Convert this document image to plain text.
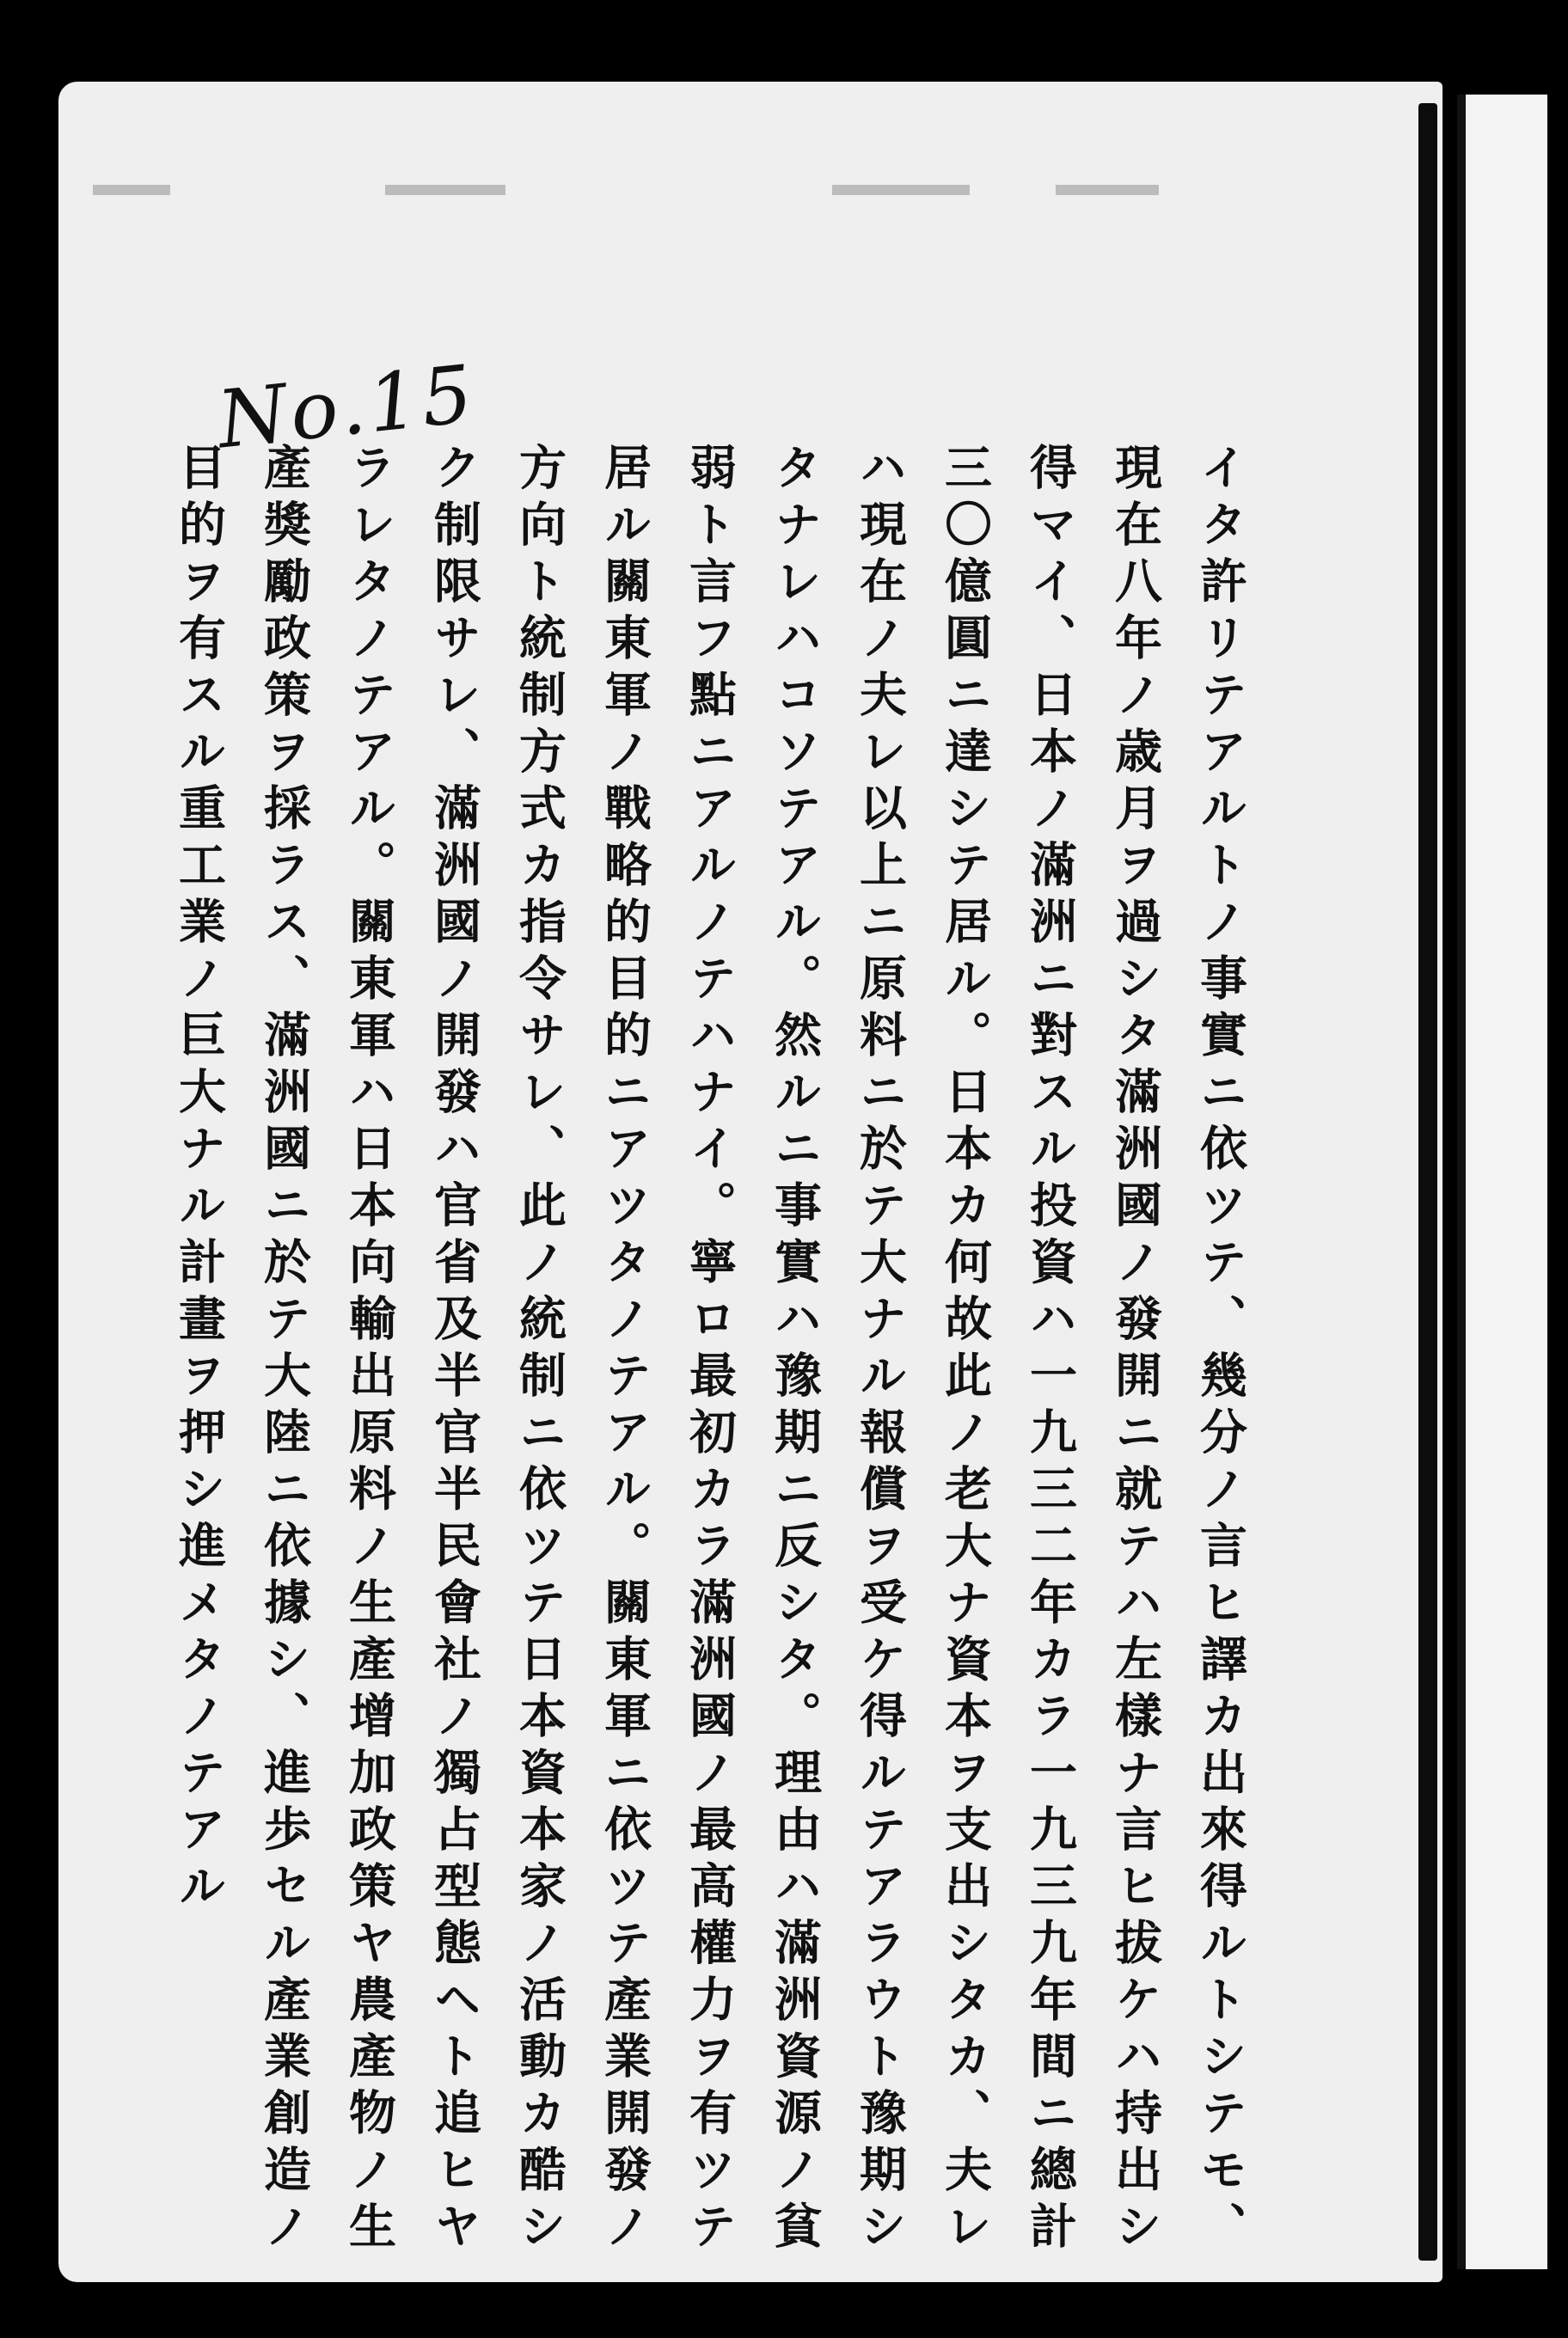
No.15
イタ許リテアルトノ事實ニ依ツテ、幾分ノ言ヒ譯カ出來得ルトシテモ、
現在八年ノ歳月ヲ過シタ滿洲國ノ發開ニ就テハ左樣ナ言ヒ拔ケハ持出シ
得マイ、日本ノ滿洲ニ對スル投資ハ一九三二年カラ一九三九年間ニ總計
三〇億圓ニ達シテ居ル。日本カ何故此ノ老大ナ資本ヲ支出シタカ、夫レ
ハ現在ノ夫レ以上ニ原料ニ於テ大ナル報償ヲ受ケ得ルテアラウト豫期シ
タナレハコソテアル。然ルニ事實ハ豫期ニ反シタ。理由ハ滿洲資源ノ貧
弱ト言フ點ニアルノテハナイ。寧ロ最初カラ滿洲國ノ最高權力ヲ有ツテ
居ル關東軍ノ戰略的目的ニアツタノテアル。關東軍ニ依ツテ產業開發ノ
方向ト統制方式カ指令サレ、此ノ統制ニ依ツテ日本資本家ノ活動カ酷シ
ク制限サレ、滿洲國ノ開發ハ官省及半官半民會社ノ獨占型態ヘト追ヒヤ
ラレタノテアル。關東軍ハ日本向輸出原料ノ生產增加政策ヤ農產物ノ生
產獎勵政策ヲ採ラス、滿洲國ニ於テ大陸ニ依據シ、進歩セル產業創造ノ
目的ヲ有スル重工業ノ巨大ナル計畫ヲ押シ進メタノテアル
